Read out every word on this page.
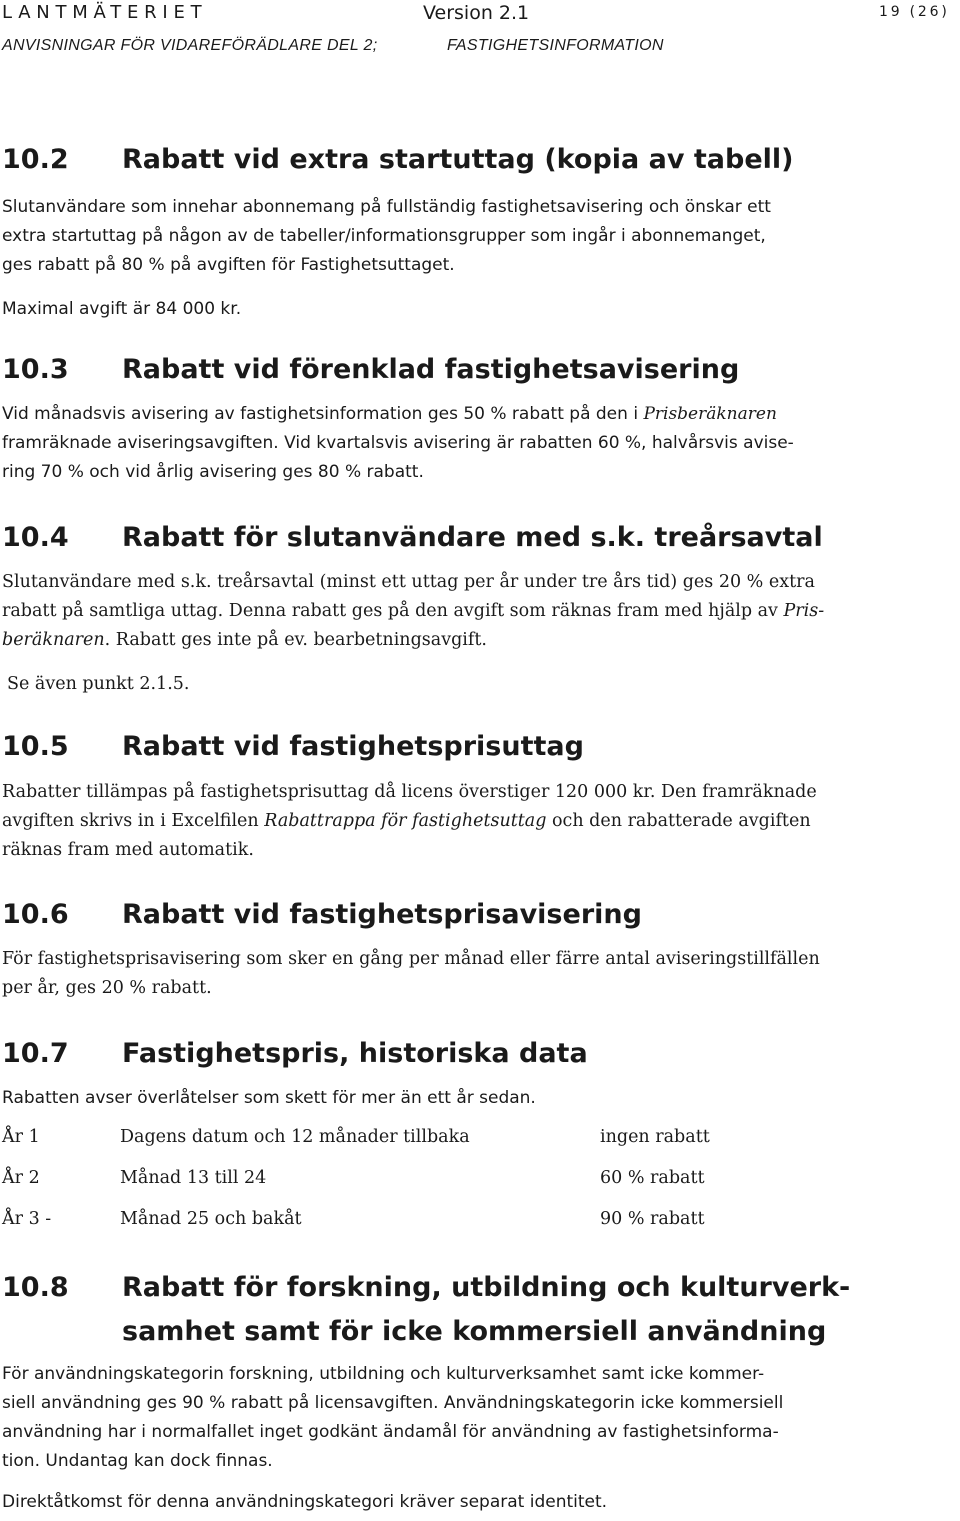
LANTMÄTERIET	Version 2.1	19 (26)
ANVISNINGAR FÖR VIDAREFÖRÄDLARE DEL 2;	FASTIGHETSINFORMATION
10.2 Rabatt vid extra startuttag (kopia av tabell)
Slutanvändare som innehar abonnemang på fullständig fastighetsavisering och önskar ett
extra startuttag på någon av de tabeller/informationsgrupper som ingår i abonnemanget,
ges rabatt på 80 % på avgiften för Fastighetsuttaget.
Maximal avgift är 84 000 kr.
10.3 Rabatt vid förenklad fastighetsavisering
Vid månadsvis avisering av fastighetsinformation ges 50 % rabatt på den i Prisberäknaren
framräknade aviseringsavgiften. Vid kvartalsvis avisering är rabatten 60 %, halvårsvis avise-
ring 70 % och vid årlig avisering ges 80 % rabatt.
10.4 Rabatt för slutanvändare med s.k. treårsavtal
Slutanvändare med s.k. treårsavtal (minst ett uttag per år under tre års tid) ges 20 % extra
rabatt på samtliga uttag. Denna rabatt ges på den avgift som räknas fram med hjälp av Pris-
beräknaren. Rabatt ges inte på ev. bearbetningsavgift.
Se även punkt 2.1.5.
10.5 Rabatt vid fastighetsprisuttag
Rabatter tillämpas på fastighetsprisuttag då licens överstiger 120 000 kr. Den framräknade
avgiften skrivs in i Excelfilen Rabattrappa för fastighetsuttag och den rabatterade avgiften
räknas fram med automatik.
10.6 Rabatt vid fastighetsprisavisering
För fastighetsprisavisering som sker en gång per månad eller färre antal aviseringstillfällen
per år, ges 20 % rabatt.
10.7 Fastighetspris, historiska data
Rabatten avser överlåtelser som skett för mer än ett år sedan.
År 1	Dagens datum och 12 månader tillbaka	ingen rabatt
År 2	Månad 13 till 24	60 % rabatt
År 3 -	Månad 25 och bakåt	90 % rabatt
10.8 Rabatt för forskning, utbildning och kulturverk-
samhet samt för icke kommersiell användning
För användningskategorin forskning, utbildning och kulturverksamhet samt icke kommer-
siell användning ges 90 % rabatt på licensavgiften. Användningskategorin icke kommersiell
användning har i normalfallet inget godkänt ändamål för användning av fastighetsinforma-
tion. Undantag kan dock finnas.
Direktåtkomst för denna användningskategori kräver separat identitet.
